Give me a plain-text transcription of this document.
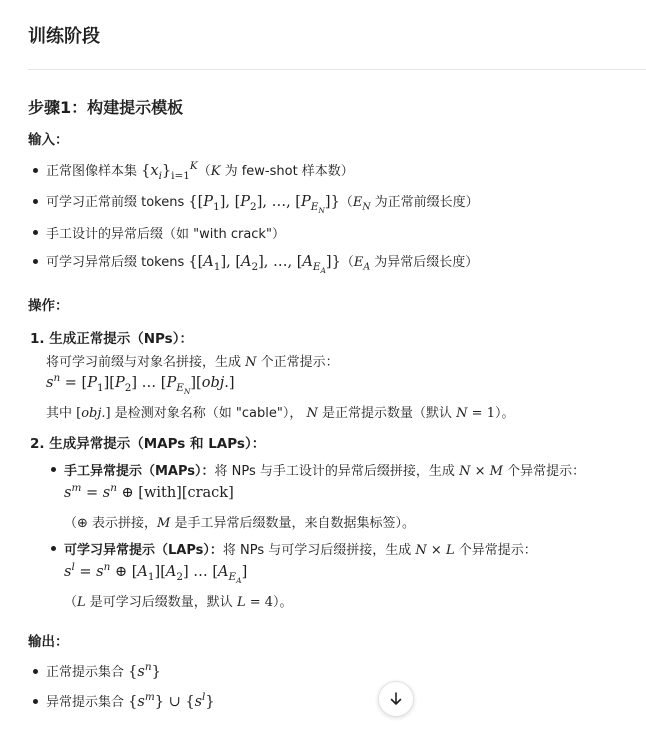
训练阶段
步骤1：构建提示模板
输入：
正常图像样本集 $\{x_i\}_{i=1}^K(K$ 为 few-shot 样本数）
可学习正常前缀 tokens {$[P_1]$, $[P_2]$, …, $[P_{E_N}]\}(E_N$ 为正常前缀长度）
手工设计的异常后缀（如 "with crack"）
可学习异常后缀 tokens {$[A_1]$, $[A_2]$, …, $[A_{E_A}]\}(E_A$ 为异常后缀长度）
操作：
1. 生成正常提示（NPs）：
将可学习前缀与对象名拼接，生成 N 个正常提示：
$s^n = [P_1][P_2]$ … $[P_{E_N}][obj.]$
其中 [obj.] 是检测对象名称（如 "cable"）， N 是正常提示数量（默认 N = 1）。
2. 生成异常提示（MAPs 和 LAPs）：
手工异常提示（MAPs）：将 NPs 与手工设计的异常后缀拼接，生成 N × M 个异常提示：
$s^m = s^n$ ⊕ [with][crack]
（⊕ 表示拼接，M 是手工异常后缀数量，来自数据集标签）。
可学习异常提示（LAPs）：将 NPs 与可学习后缀拼接，生成 N × L 个异常提示：
$s^l = s^n$ ⊕ $[A_1][A_2]$ … $[A_{E_A}]$
（L 是可学习后缀数量，默认 L = 4）。
输出：
正常提示集合 $\{s^n\}$
异常提示集合 $\{s^m\}$ ∪ $\{s^l\}$
